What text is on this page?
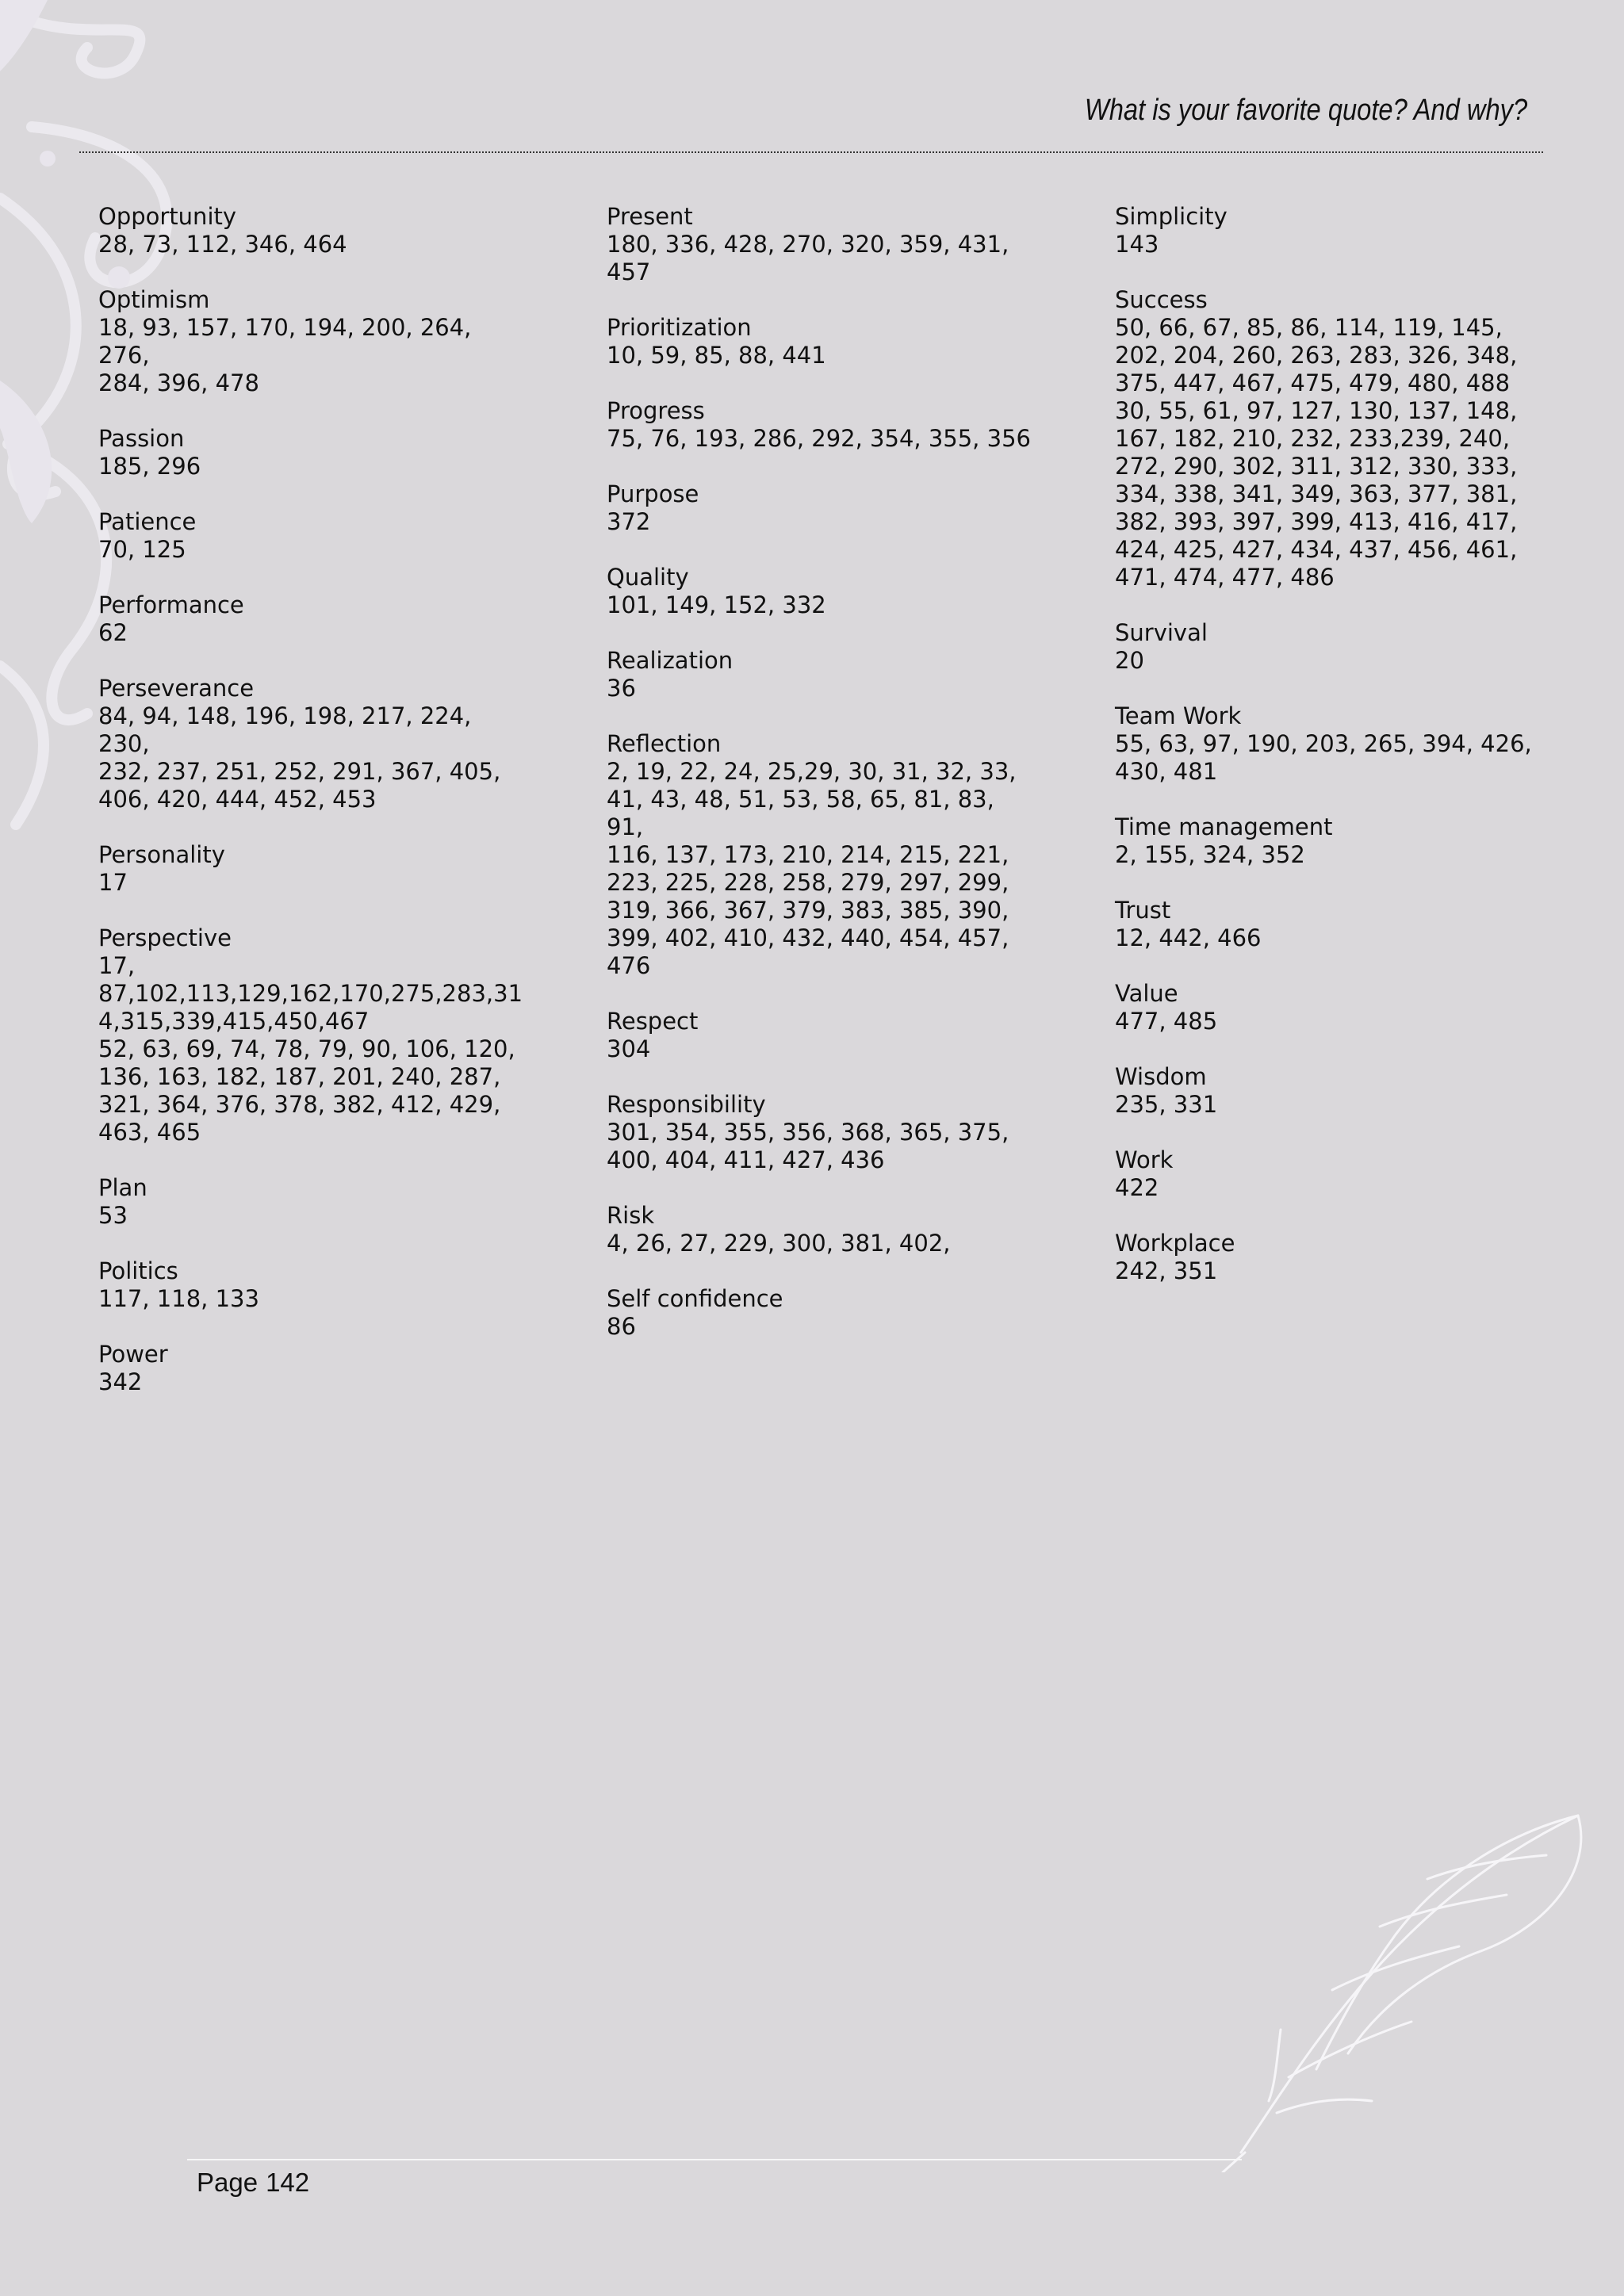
What is your favorite quote? And why?
Opportunity
28, 73, 112, 346, 464
Optimism
18, 93, 157, 170, 194, 200, 264, 276,
284, 396, 478
Passion
185, 296
Patience
70, 125
Performance
62
Perseverance
84, 94, 148, 196, 198, 217, 224, 230,
232, 237, 251, 252, 291, 367, 405,
406, 420, 444, 452, 453
Personality
17
Perspective
17,
87,102,113,129,162,170,275,283,31
4,315,339,415,450,467
52, 63, 69, 74, 78, 79, 90, 106, 120,
136, 163, 182, 187, 201, 240, 287,
321, 364, 376, 378, 382, 412, 429,
463, 465
Plan
53
Politics
117, 118, 133
Power
342
Present
180, 336, 428, 270, 320, 359, 431,
457
Prioritization
10, 59, 85, 88, 441
Progress
75, 76, 193, 286, 292, 354, 355, 356
Purpose
372
Quality
101, 149, 152, 332
Realization
36
Reflection
2, 19, 22, 24, 25,29, 30, 31, 32, 33,
41, 43, 48, 51, 53, 58, 65, 81, 83, 91,
116, 137, 173, 210, 214, 215, 221,
223, 225, 228, 258, 279, 297, 299,
319, 366, 367, 379, 383, 385, 390,
399, 402, 410, 432, 440, 454, 457,
476
Respect
304
Responsibility
301, 354, 355, 356, 368, 365, 375,
400, 404, 411, 427, 436
Risk
4, 26, 27, 229, 300, 381, 402,
Self confidence
86
Simplicity
143
Success
50, 66, 67, 85, 86, 114, 119, 145,
202, 204, 260, 263, 283, 326, 348,
375, 447, 467, 475, 479, 480, 488
30, 55, 61, 97, 127, 130, 137, 148,
167, 182, 210, 232, 233,239, 240,
272, 290, 302, 311, 312, 330, 333,
334, 338, 341, 349, 363, 377, 381,
382, 393, 397, 399, 413, 416, 417,
424, 425, 427, 434, 437, 456, 461,
471, 474, 477, 486
Survival
20
Team Work
55, 63, 97, 190, 203, 265, 394, 426,
430, 481
Time management
2, 155, 324, 352
Trust
12, 442, 466
Value
477, 485
Wisdom
235, 331
Work
422
Workplace
242, 351
Page 142
